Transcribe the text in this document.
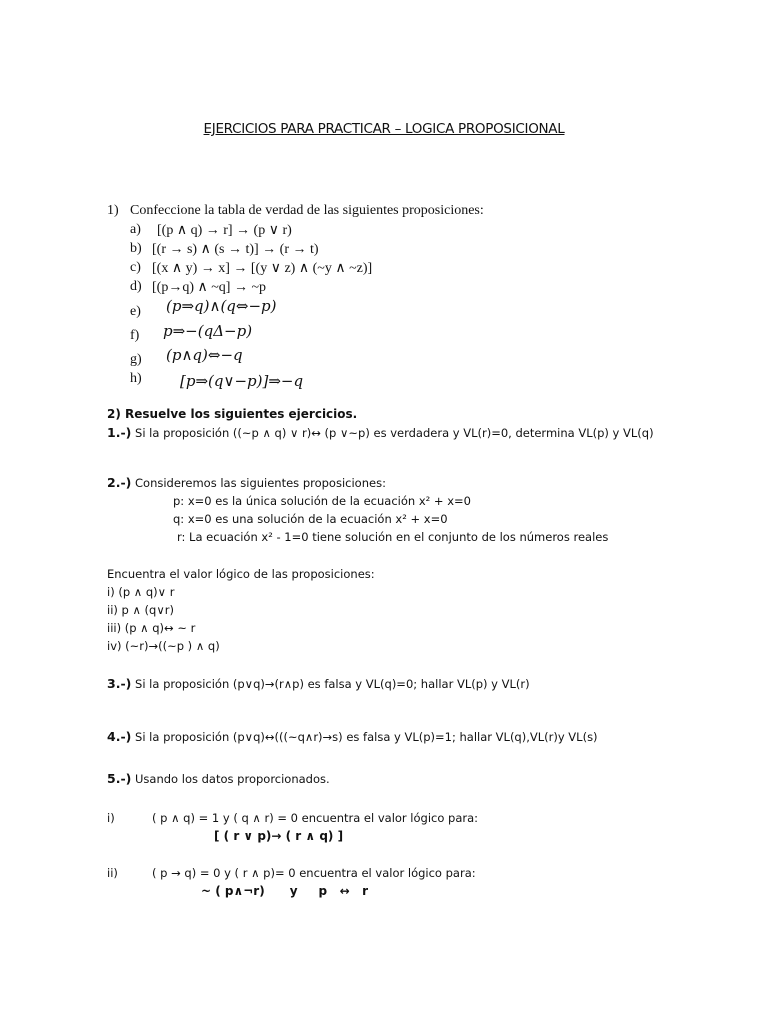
EJERCICIOS PARA PRACTICAR – LOGICA PROPOSICIONAL
1) Confeccione la tabla de verdad de las siguientes proposiciones:
a) [(p ∧ q) → r] → (p ∨ r)
b) [(r → s) ∧ (s → t)] → (r → t)
c) [(x ∧ y) → x] → [(y ∨ z) ∧ (~y ∧ ~z)]
d) [(p→q) ∧ ~q] → ~p
e) (p⇒q)∧(q⇔−p)
f) p⇒−(qΔ−p)
g) (p∧q)⇔−q
h)	[p⇒(q∨−p)]⇒−q
2) Resuelve los siguientes ejercicios.
1.-) Si la proposición ((~p ∧ q) ∨ r)↔ (p ∨~p) es verdadera y VL(r)=0, determina VL(p) y VL(q)
2.-) Consideremos las siguientes proposiciones:
p: x=0 es la única solución de la ecuación x² + x=0
q: x=0 es una solución de la ecuación x² + x=0
r: La ecuación x² - 1=0 tiene solución en el conjunto de los números reales
Encuentra el valor lógico de las proposiciones:
i) (p ∧ q)∨ r
ii) p ∧ (q∨r)
iii) (p ∧ q)↔ ~ r
iv) (~r)→((~p ) ∧ q)
3.-) Si la proposición (p∨q)→(r∧p) es falsa y VL(q)=0; hallar VL(p) y VL(r)
4.-) Si la proposición (p∨q)↔(((~q∧r)→s) es falsa y VL(p)=1; hallar VL(q),VL(r)y VL(s)
5.-) Usando los datos proporcionados.
i)	( p ∧ q) = 1 y ( q ∧ r) = 0 encuentra el valor lógico para:
[ ( r ∨ p)→ ( r ∧ q) ]
ii)	( p → q) = 0 y ( r ∧ p)= 0 encuentra el valor lógico para:
~ ( p∧¬r)      y     p   ↔   r
